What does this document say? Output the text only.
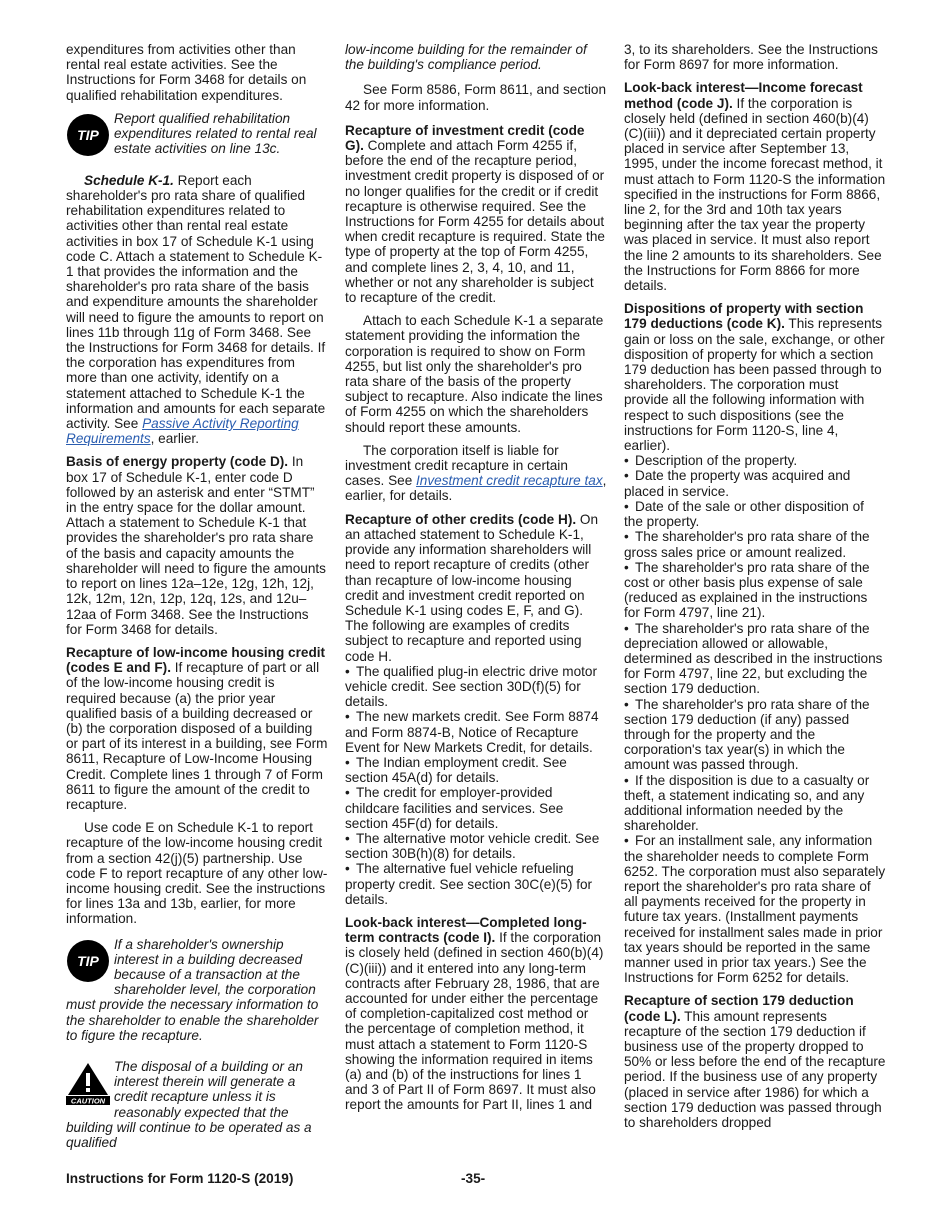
expenditures from activities other than rental real estate activities. See the Instructions for Form 3468 for details on qualified rehabilitation expenditures.
TIP
Report qualified rehabilitation expenditures related to rental real estate activities on line 13c.
Schedule K-1. Report each shareholder's pro rata share of qualified rehabilitation expenditures related to activities other than rental real estate activities in box 17 of Schedule K-1 using code C. Attach a statement to Schedule K-1 that provides the information and the shareholder's pro rata share of the basis and expenditure amounts the shareholder will need to figure the amounts to report on lines 11b through 11g of Form 3468. See the Instructions for Form 3468 for details. If the corporation has expenditures from more than one activity, identify on a statement attached to Schedule K-1 the information and amounts for each separate activity. See Passive Activity Reporting Requirements, earlier.
Basis of energy property (code D). In box 17 of Schedule K-1, enter code D followed by an asterisk and enter “STMT” in the entry space for the dollar amount. Attach a statement to Schedule K-1 that provides the shareholder's pro rata share of the basis and capacity amounts the shareholder will need to figure the amounts to report on lines 12a–12e, 12g, 12h, 12j, 12k, 12m, 12n, 12p, 12q, 12s, and 12u–12aa of Form 3468. See the Instructions for Form 3468 for details.
Recapture of low-income housing credit (codes E and F). If recapture of part or all of the low-income housing credit is required because (a) the prior year qualified basis of a building decreased or (b) the corporation disposed of a building or part of its interest in a building, see Form 8611, Recapture of Low-Income Housing Credit. Complete lines 1 through 7 of Form 8611 to figure the amount of the credit to recapture.
Use code E on Schedule K-1 to report recapture of the low-income housing credit from a section 42(j)(5) partnership. Use code F to report recapture of any other low-income housing credit. See the instructions for lines 13a and 13b, earlier, for more information.
TIP
If a shareholder's ownership interest in a building decreased because of a transaction at the shareholder level, the corporation must provide the necessary information to the shareholder to enable the shareholder to figure the recapture.
CAUTION
The disposal of a building or an interest therein will generate a credit recapture unless it is reasonably expected that the building will continue to be operated as a qualified
low-income building for the remainder of the building's compliance period.
See Form 8586, Form 8611, and section 42 for more information.
Recapture of investment credit (code G). Complete and attach Form 4255 if, before the end of the recapture period, investment credit property is disposed of or no longer qualifies for the credit or if credit recapture is otherwise required. See the Instructions for Form 4255 for details about when credit recapture is required. State the type of property at the top of Form 4255, and complete lines 2, 3, 4, 10, and 11, whether or not any shareholder is subject to recapture of the credit.
Attach to each Schedule K-1 a separate statement providing the information the corporation is required to show on Form 4255, but list only the shareholder's pro rata share of the basis of the property subject to recapture. Also indicate the lines of Form 4255 on which the shareholders should report these amounts.
The corporation itself is liable for investment credit recapture in certain cases. See Investment credit recapture tax, earlier, for details.
Recapture of other credits (code H). On an attached statement to Schedule K-1, provide any information shareholders will need to report recapture of credits (other than recapture of low-income housing credit and investment credit reported on Schedule K-1 using codes E, F, and G). The following are examples of credits subject to recapture and reported using code H.
• The qualified plug-in electric drive motor vehicle credit. See section 30D(f)(5) for details.
• The new markets credit. See Form 8874 and Form 8874-B, Notice of Recapture Event for New Markets Credit, for details.
• The Indian employment credit. See section 45A(d) for details.
• The credit for employer-provided childcare facilities and services. See section 45F(d) for details.
• The alternative motor vehicle credit. See section 30B(h)(8) for details.
• The alternative fuel vehicle refueling property credit. See section 30C(e)(5) for details.
Look-back interest—Completed long-term contracts (code I). If the corporation is closely held (defined in section 460(b)(4)(C)(iii)) and it entered into any long-term contracts after February 28, 1986, that are accounted for under either the percentage of completion-capitalized cost method or the percentage of completion method, it must attach a statement to Form 1120-S showing the information required in items (a) and (b) of the instructions for lines 1 and 3 of Part II of Form 8697. It must also report the amounts for Part II, lines 1 and
3, to its shareholders. See the Instructions for Form 8697 for more information.
Look-back interest—Income forecast method (code J). If the corporation is closely held (defined in section 460(b)(4)(C)(iii)) and it depreciated certain property placed in service after September 13, 1995, under the income forecast method, it must attach to Form 1120-S the information specified in the instructions for Form 8866, line 2, for the 3rd and 10th tax years beginning after the tax year the property was placed in service. It must also report the line 2 amounts to its shareholders. See the Instructions for Form 8866 for more details.
Dispositions of property with section 179 deductions (code K). This represents gain or loss on the sale, exchange, or other disposition of property for which a section 179 deduction has been passed through to shareholders. The corporation must provide all the following information with respect to such dispositions (see the instructions for Form 1120-S, line 4, earlier).
• Description of the property.
• Date the property was acquired and placed in service.
• Date of the sale or other disposition of the property.
• The shareholder's pro rata share of the gross sales price or amount realized.
• The shareholder's pro rata share of the cost or other basis plus expense of sale (reduced as explained in the instructions for Form 4797, line 21).
• The shareholder's pro rata share of the depreciation allowed or allowable, determined as described in the instructions for Form 4797, line 22, but excluding the section 179 deduction.
• The shareholder's pro rata share of the section 179 deduction (if any) passed through for the property and the corporation's tax year(s) in which the amount was passed through.
• If the disposition is due to a casualty or theft, a statement indicating so, and any additional information needed by the shareholder.
• For an installment sale, any information the shareholder needs to complete Form 6252. The corporation must also separately report the shareholder's pro rata share of all payments received for the property in future tax years. (Installment payments received for installment sales made in prior tax years should be reported in the same manner used in prior tax years.) See the Instructions for Form 6252 for details.
Recapture of section 179 deduction (code L). This amount represents recapture of the section 179 deduction if business use of the property dropped to 50% or less before the end of the recapture period. If the business use of any property (placed in service after 1986) for which a section 179 deduction was passed through to shareholders dropped
Instructions for Form 1120-S (2019)	-35-
